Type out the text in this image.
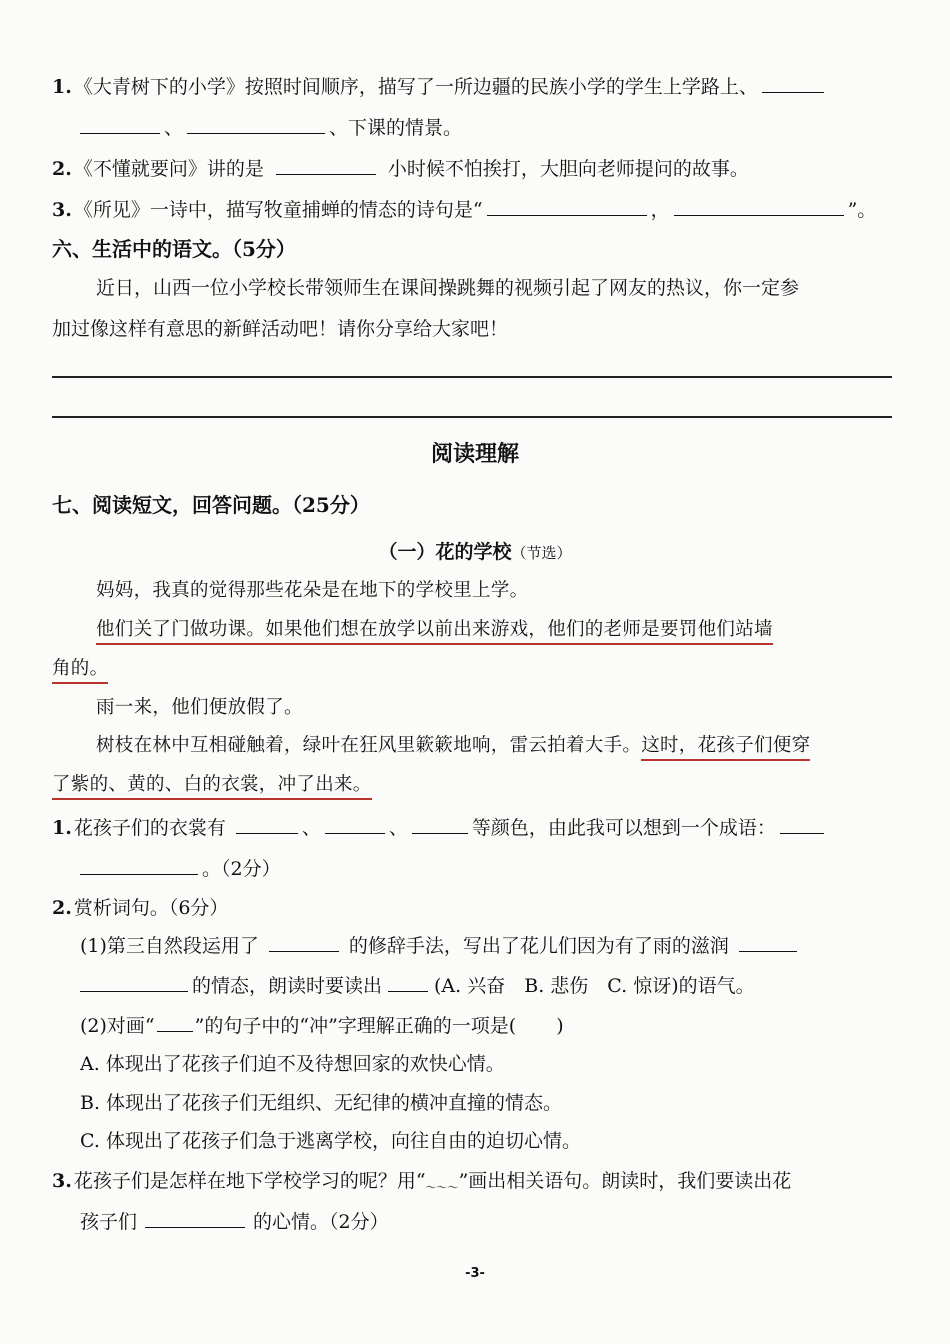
1. 《大青树下的小学》按照时间顺序，描写了一所边疆的民族小学的学生上学路上、
、	、下课的情景。
2. 《不懂就要问》讲的是	小时候不怕挨打，大胆向老师提问的故事。
3. 《所见》一诗中，描写牧童捕蝉的情态的诗句是“	，	”。
六、生活中的语文。（5分）
近日，山西一位小学校长带领师生在课间操跳舞的视频引起了网友的热议，你一定参
加过像这样有意思的新鲜活动吧！请你分享给大家吧！
阅读理解
七、阅读短文，回答问题。（25分）
（一）花的学校（节选）
妈妈，我真的觉得那些花朵是在地下的学校里上学。
他们关了门做功课。如果他们想在放学以前出来游戏，他们的老师是要罚他们站墙
角的。
雨一来，他们便放假了。
树枝在林中互相碰触着，绿叶在狂风里簌簌地响，雷云拍着大手。这时，花孩子们便穿
了紫的、黄的、白的衣裳，冲了出来。
1. 花孩子们的衣裳有	、	、	等颜色，由此我可以想到一个成语：
。（2分）
2. 赏析词句。（6分）
(1)第三自然段运用了	的修辞手法，写出了花儿们因为有了雨的滋润
的情态，朗读时要读出	(A. 兴奋　B. 悲伤　C. 惊讶)的语气。
(2)对画“ ”的句子中的“冲”字理解正确的一项是( )
A. 体现出了花孩子们迫不及待想回家的欢快心情。
B. 体现出了花孩子们无组织、无纪律的横冲直撞的情态。
C. 体现出了花孩子们急于逃离学校，向往自由的迫切心情。
3. 花孩子们是怎样在地下学校学习的呢？用“$_{\sim\sim\sim}$”画出相关语句。朗读时，我们要读出花
孩子们	的心情。（2分）
-3-
